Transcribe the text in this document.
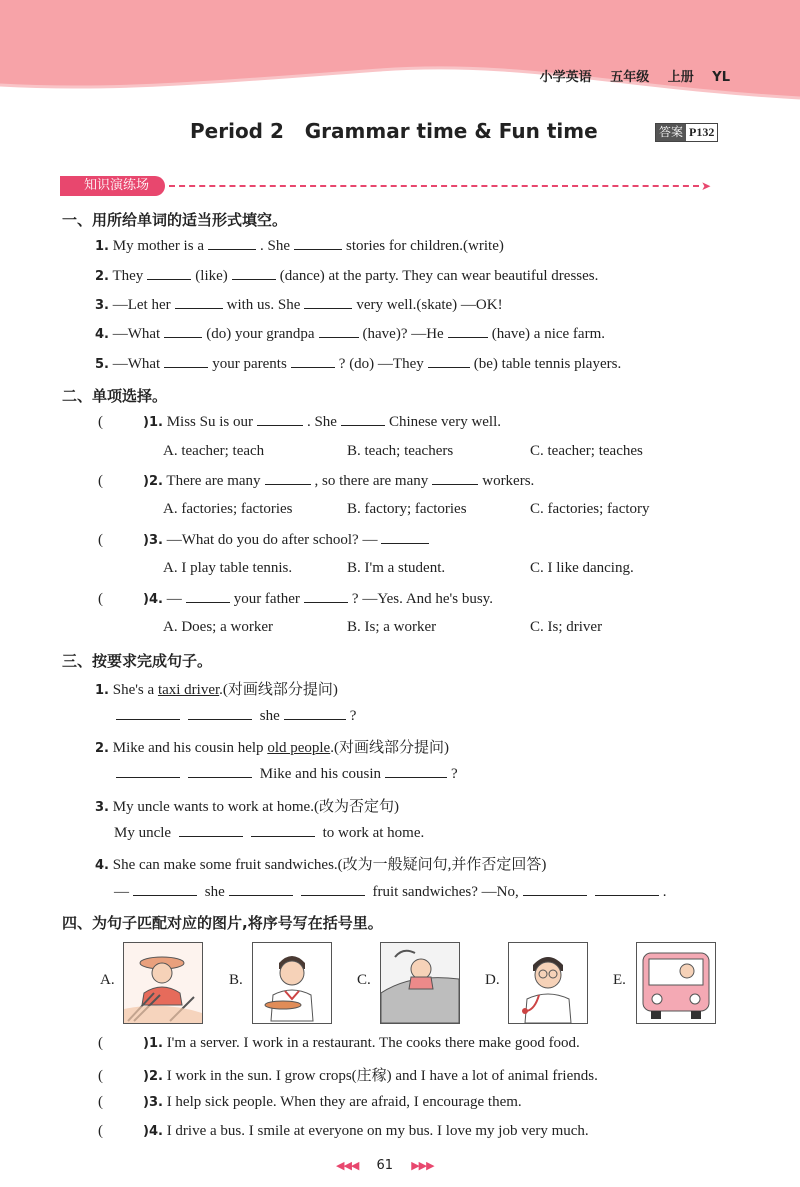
小学英语 五年级 上册 YL
Period 2   Grammar time & Fun time	答案 P132
知识演练场	➤
一、用所给单词的适当形式填空。
1. My mother is a	. She	stories for children.(write)
2. They	(like)	(dance) at the party. They can wear beautiful dresses.
3. —Let her	with us. She	very well.(skate) —OK!
4. —What	(do) your grandpa	(have)? —He	(have) a nice farm.
5. —What	your parents	? (do) —They	(be) table tennis players.
二、单项选择。
(	)1. Miss Su is our	. She	Chinese very well.
A. teacher; teach	B. teach; teachers	C. teacher; teaches
(	)2. There are many	, so there are many	workers.
A. factories; factories	B. factory; factories	C. factories; factory
(	)3. —What do you do after school? —
A. I play table tennis.	B. I'm a student.	C. I like dancing.
(	)4. —	your father	? —Yes. And he's busy.
A. Does; a worker	B. Is; a worker	C. Is; driver
三、按要求完成句子。
1. She's a taxi driver.(对画线部分提问)
she	?
2. Mike and his cousin help old people.(对画线部分提问)
Mike and his cousin	?
3. My uncle wants to work at home.(改为否定句)
My uncle	to work at home.
4. She can make some fruit sandwiches.(改为一般疑问句,并作否定回答)
—	she	fruit sandwiches? —No,	.
四、为句子匹配对应的图片,将序号写在括号里。
A.	B.	C.	D.	E.
(	)1. I'm a server. I work in a restaurant. The cooks there make good food.
(	)2. I work in the sun. I grow crops(庄稼) and I have a lot of animal friends.
(	)3. I help sick people. When they are afraid, I encourage them.
(	)4. I drive a bus. I smile at everyone on my bus. I love my job very much.
◀◀◀ 61 ▶▶▶
